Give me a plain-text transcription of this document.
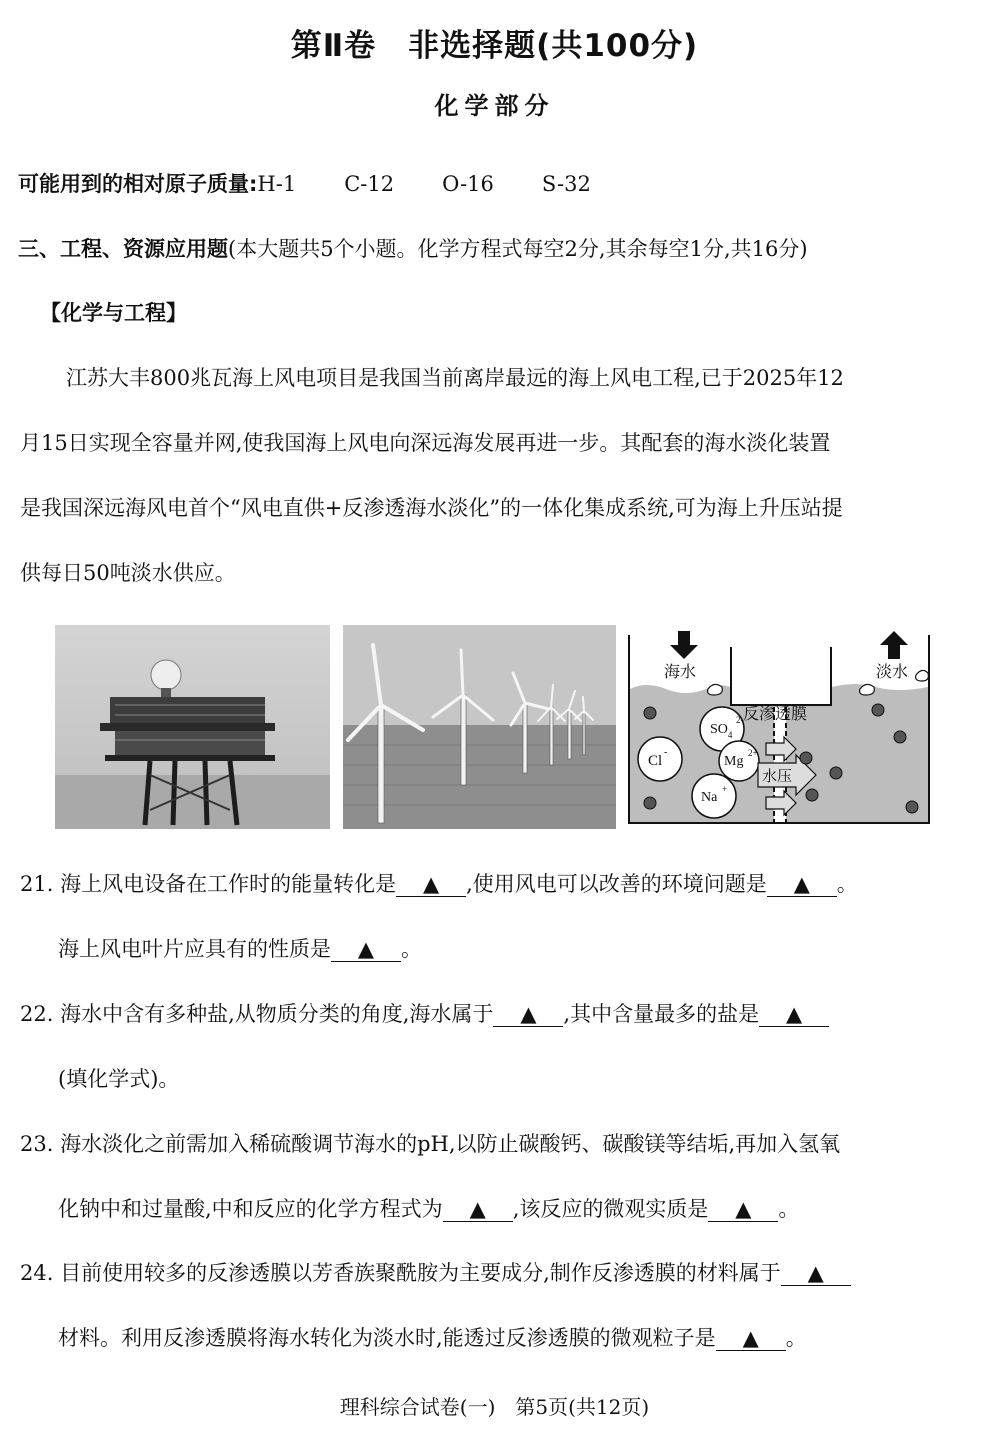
第Ⅱ卷　非选择题(共100分)
化学部分
可能用到的相对原子质量:H-1 C-12 O-16 S-32
三、工程、资源应用题(本大题共5个小题。化学方程式每空2分,其余每空1分,共16分)
【化学与工程】
江苏大丰800兆瓦海上风电项目是我国当前离岸最远的海上风电工程,已于2025年12
月15日实现全容量并网,使我国海上风电向深远海发展再进一步。其配套的海水淡化装置
是我国深远海风电首个“风电直供+反渗透海水淡化”的一体化集成系统,可为海上升压站提
供每日50吨淡水供应。
海水	淡水
反渗透膜
$SO_4$
2-
Cl
-
Mg
2+
Na
+
水压
21. 海上风电设备在工作时的能量转化是 ▲ ,使用风电可以改善的环境问题是 ▲ 。
海上风电叶片应具有的性质是 ▲ 。
22. 海水中含有多种盐,从物质分类的角度,海水属于 ▲ ,其中含量最多的盐是 ▲
(填化学式)。
23. 海水淡化之前需加入稀硫酸调节海水的pH,以防止碳酸钙、碳酸镁等结垢,再加入氢氧
化钠中和过量酸,中和反应的化学方程式为 ▲ ,该反应的微观实质是 ▲ 。
24. 目前使用较多的反渗透膜以芳香族聚酰胺为主要成分,制作反渗透膜的材料属于 ▲
材料。利用反渗透膜将海水转化为淡水时,能透过反渗透膜的微观粒子是 ▲ 。
理科综合试卷(一)　第5页(共12页)
